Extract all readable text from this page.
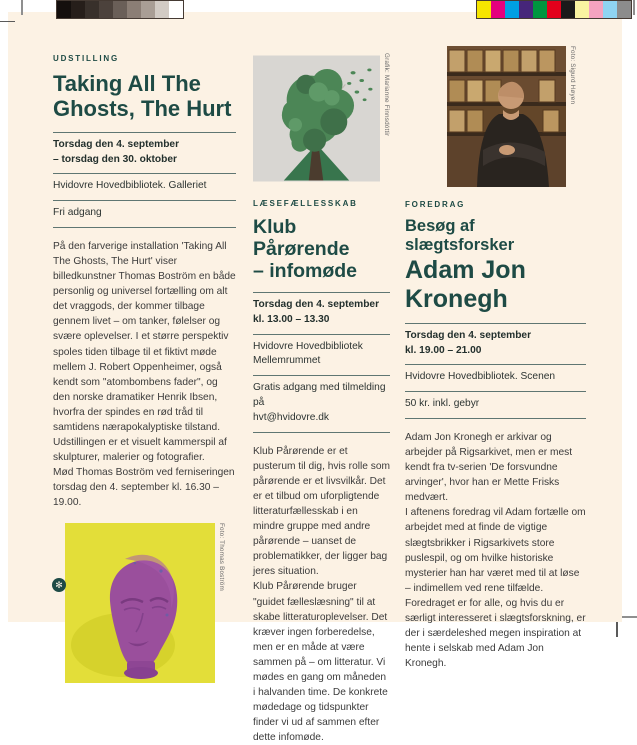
UDSTILLING
Taking All The
Ghosts, The Hurt
Torsdag den 4. september
– torsdag den 30. oktober
Hvidovre Hovedbibliotek. Galleriet
Fri adgang

På den farverige installation 'Taking All The Ghosts, The Hurt' viser billedkunstner Thomas Boström en både personlig og universel fortælling om alt det vraggods, der kommer tilbage gennem livet – om tanker, følelser og svære oplevelser. I et større perspektiv spoles tiden tilbage til et fiktivt møde mellem J. Robert Oppenheimer, også kendt som "atombombens fader", og den norske dramatiker Henrik Ibsen, hvorfra der spindes en rød tråd til samtidens nærapokalyptiske tilstand. Udstillingen er et visuelt kammerspil af skulpturer, malerier og fotografier.

Mød Thomas Boström ved ferniseringen torsdag den 4. september kl. 16.30 – 19.00.

Foto: Thomas Boström
Grafik: Marianne Finnsdóttir
LÆSEFÆLLESSKAB
Klub Pårørende
– infomøde
Torsdag den 4. september
kl. 13.00 – 13.30
Hvidovre Hovedbibliotek
Mellemrummet
Gratis adgang med tilmelding på
hvt@hvidovre.dk

Klub Pårørende er et pusterum til dig, hvis rolle som pårørende er et livsvilkår. Det er et tilbud om uforpligtende litteraturfællesskab i en mindre gruppe med andre pårørende – uanset de problematikker, der ligger bag jeres situation.

Klub Pårørende bruger "guidet fælleslæsning" til at skabe litteraturoplevelser. Det kræver ingen forberedelse, men er en måde at være sammen på – om litteratur. Vi mødes en gang om måneden i halvanden time. De konkrete mødedage og tidspunkter finder vi ud af sammen efter dette infomøde.

Foto: Sigurd Høyen
FOREDRAG
Besøg af
slægtsforsker
Adam Jon
Kronegh
Torsdag den 4. september
kl. 19.00 – 21.00
Hvidovre Hovedbibliotek. Scenen
50 kr. inkl. gebyr

Adam Jon Kronegh er arkivar og arbejder på Rigsarkivet, men er mest kendt fra tv-serien 'De forsvundne arvinger', hvor han er Mette Frisks medvært.

I aftenens foredrag vil Adam fortælle om arbejdet med at finde de vigtige slægtsbrikker i Rigsarkivets store puslespil, og om hvilke historiske mysterier han har været med til at løse – indimellem ved rene tilfælde. Foredraget er for alle, og hvis du er særligt interesseret i slægtsforskning, er der i særdeleshed megen inspiration at hente i selskab med Adam Jon Kronegh.

✻
